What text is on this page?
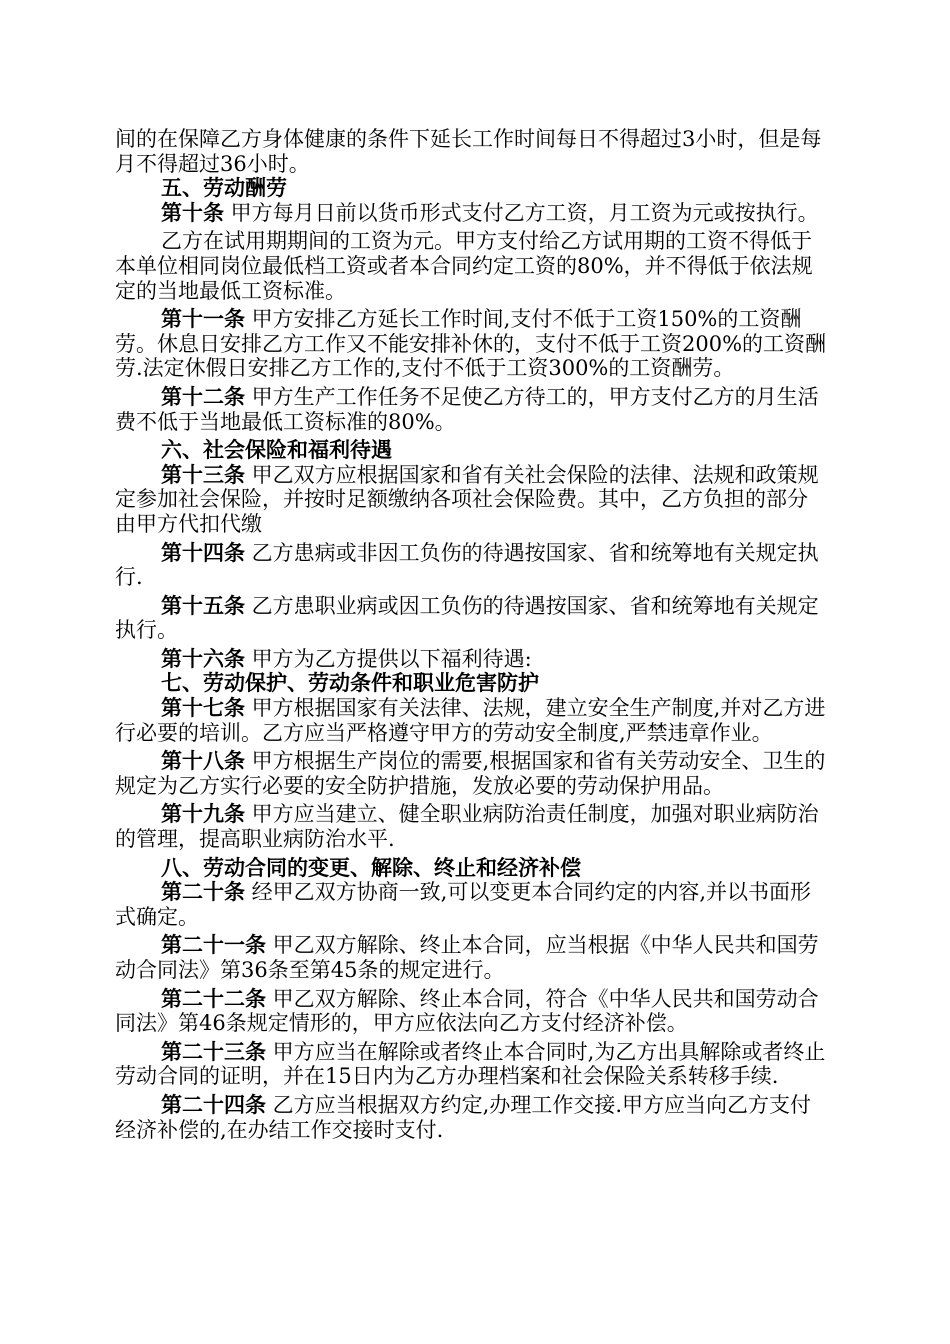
间的在保障乙方身体健康的条件下延长工作时间每日不得超过3小时，但是每月不得超过36小时。

五、劳动酬劳

第十条 甲方每月日前以货币形式支付乙方工资，月工资为元或按执行。

乙方在试用期期间的工资为元。甲方支付给乙方试用期的工资不得低于本单位相同岗位最低档工资或者本合同约定工资的80%，并不得低于依法规定的当地最低工资标准。

第十一条 甲方安排乙方延长工作时间,支付不低于工资150%的工资酬劳。休息日安排乙方工作又不能安排补休的，支付不低于工资200%的工资酬劳.法定休假日安排乙方工作的,支付不低于工资300%的工资酬劳。

第十二条 甲方生产工作任务不足使乙方待工的，甲方支付乙方的月生活费不低于当地最低工资标准的80%。

六、社会保险和福利待遇

第十三条 甲乙双方应根据国家和省有关社会保险的法律、法规和政策规定参加社会保险，并按时足额缴纳各项社会保险费。其中，乙方负担的部分由甲方代扣代缴

第十四条 乙方患病或非因工负伤的待遇按国家、省和统筹地有关规定执行.

第十五条 乙方患职业病或因工负伤的待遇按国家、省和统筹地有关规定执行。

第十六条 甲方为乙方提供以下福利待遇:

七、劳动保护、劳动条件和职业危害防护

第十七条 甲方根据国家有关法律、法规，建立安全生产制度,并对乙方进行必要的培训。乙方应当严格遵守甲方的劳动安全制度,严禁违章作业。

第十八条 甲方根据生产岗位的需要,根据国家和省有关劳动安全、卫生的规定为乙方实行必要的安全防护措施，发放必要的劳动保护用品。

第十九条 甲方应当建立、健全职业病防治责任制度，加强对职业病防治的管理，提高职业病防治水平.

八、劳动合同的变更、解除、终止和经济补偿

第二十条 经甲乙双方协商一致,可以变更本合同约定的内容,并以书面形式确定。

第二十一条 甲乙双方解除、终止本合同，应当根据《中华人民共和国劳动合同法》第36条至第45条的规定进行。

第二十二条 甲乙双方解除、终止本合同，符合《中华人民共和国劳动合同法》第46条规定情形的，甲方应依法向乙方支付经济补偿。

第二十三条 甲方应当在解除或者终止本合同时,为乙方出具解除或者终止劳动合同的证明，并在15日内为乙方办理档案和社会保险关系转移手续.

第二十四条 乙方应当根据双方约定,办理工作交接.甲方应当向乙方支付经济补偿的,在办结工作交接时支付.
